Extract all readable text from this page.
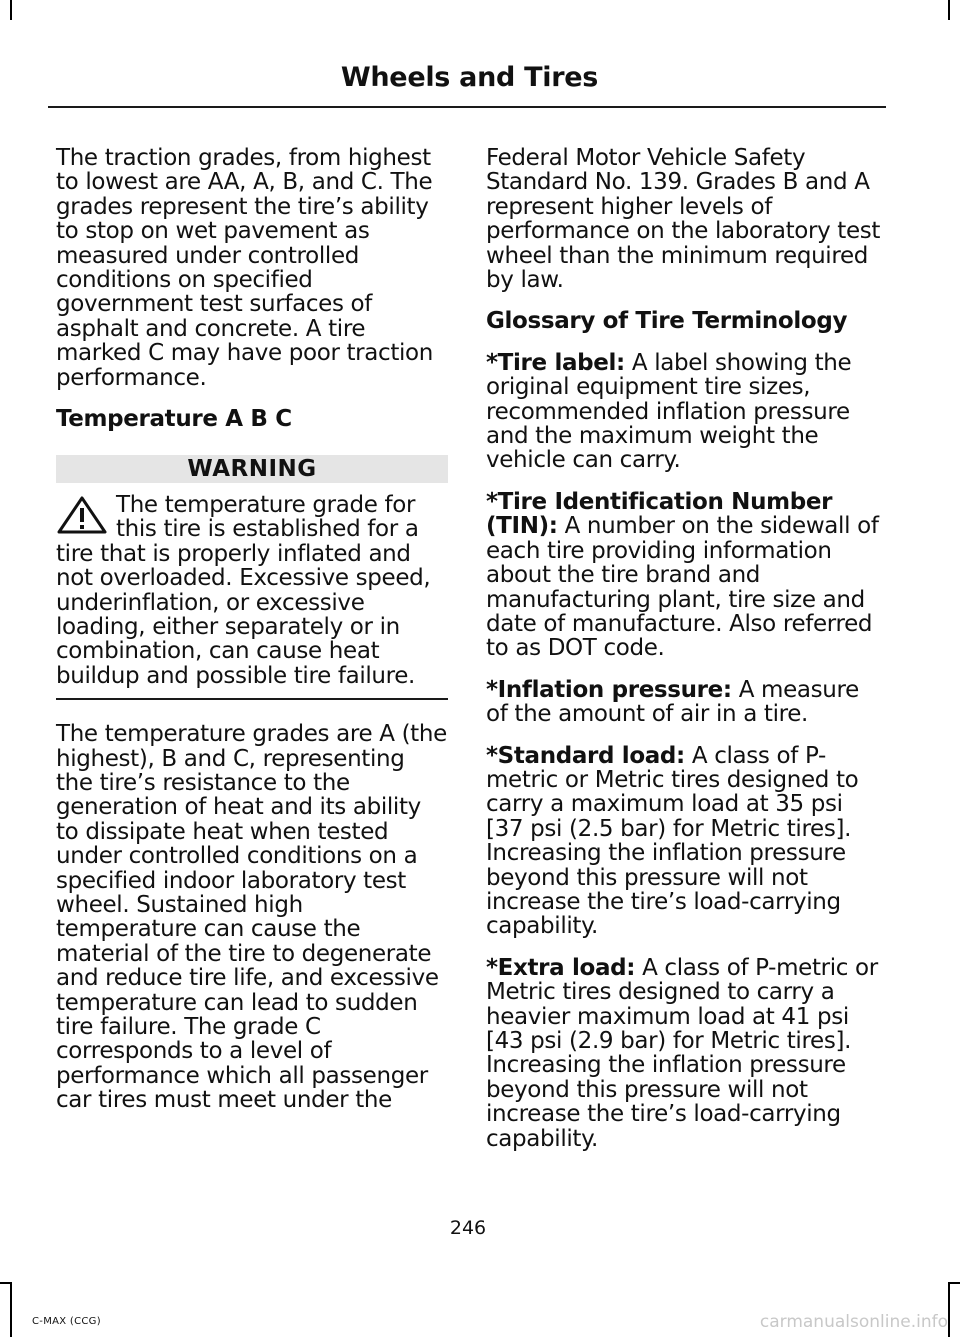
Wheels and Tires

The traction grades, from highest to lowest are AA, A, B, and C. The grades represent the tire’s ability to stop on wet pavement as measured under controlled conditions on specified government test surfaces of asphalt and concrete. A tire marked C may have poor traction performance.

Temperature A B C

WARNING
The temperature grade for this tire is established for a tire that is properly inflated and not overloaded. Excessive speed, underinflation, or excessive loading, either separately or in combination, can cause heat buildup and possible tire failure.

The temperature grades are A (the highest), B and C, representing the tire’s resistance to the generation of heat and its ability to dissipate heat when tested under controlled conditions on a specified indoor laboratory test wheel. Sustained high temperature can cause the material of the tire to degenerate and reduce tire life, and excessive temperature can lead to sudden tire failure. The grade C corresponds to a level of performance which all passenger car tires must meet under the

Federal Motor Vehicle Safety Standard No. 139. Grades B and A represent higher levels of performance on the laboratory test wheel than the minimum required by law.

Glossary of Tire Terminology

*Tire label: A label showing the original equipment tire sizes, recommended inflation pressure and the maximum weight the vehicle can carry.

*Tire Identification Number (TIN): A number on the sidewall of each tire providing information about the tire brand and manufacturing plant, tire size and date of manufacture. Also referred to as DOT code.

*Inflation pressure: A measure of the amount of air in a tire.

*Standard load: A class of P-metric or Metric tires designed to carry a maximum load at 35 psi [37 psi (2.5 bar) for Metric tires]. Increasing the inflation pressure beyond this pressure will not increase the tire’s load-carrying capability.

*Extra load: A class of P-metric or Metric tires designed to carry a heavier maximum load at 41 psi [43 psi (2.9 bar) for Metric tires]. Increasing the inflation pressure beyond this pressure will not increase the tire’s load-carrying capability.

246
C-MAX (CCG)	carmanualsonline.info
